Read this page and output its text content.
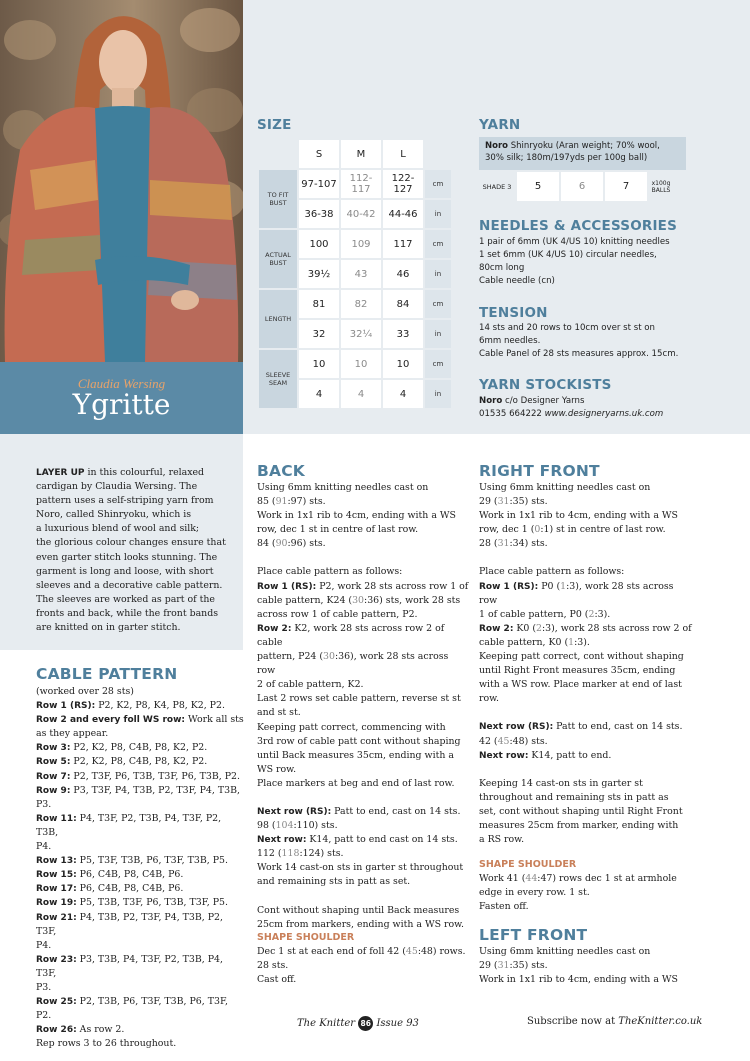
Claudia Wersing
Ygritte
SIZE
	S	M	L	
TO FIT BUST	97-107	112-117	122-127	cm
	36-38	40-42	44-46	in
ACTUAL BUST	100	109	117	cm
	39½	43	46	in
LENGTH	81	82	84	cm
	32	32¼	33	in
SLEEVE SEAM	10	10	10	cm
	4	4	4	in
YARN
Noro Shinryoku (Aran weight; 70% wool, 30% silk; 180m/197yds per 100g ball)
SHADE 3	5	6	7	x100g BALLS
NEEDLES & ACCESSORIES
1 pair of 6mm (UK 4/US 10) knitting needles
1 set 6mm (UK 4/US 10) circular needles,
80cm long
Cable needle (cn)
TENSION
14 sts and 20 rows to 10cm over st st on
6mm needles.
Cable Panel of 28 sts measures approx. 15cm.
YARN STOCKISTS
Noro c/o Designer Yarns
01535 664222 www.designeryarns.uk.com

LAYER UP in this colourful, relaxed

cardigan by Claudia Wersing. The

pattern uses a self-striping yarn from

Noro, called Shinryoku, which is

a luxurious blend of wool and silk;

the glorious colour changes ensure that

even garter stitch looks stunning. The

garment is long and loose, with short

sleeves and a decorative cable pattern.

The sleeves are worked as part of the

fronts and back, while the front bands

are knitted on in garter stitch.

CABLE PATTERN

(worked over 28 sts)

Row 1 (RS): P2, K2, P8, K4, P8, K2, P2.

Row 2 and every foll WS row: Work all sts

as they appear.

Row 3: P2, K2, P8, C4B, P8, K2, P2.

Row 5: P2, K2, P8, C4B, P8, K2, P2.

Row 7: P2, T3F, P6, T3B, T3F, P6, T3B, P2.

Row 9: P3, T3F, P4, T3B, P2, T3F, P4, T3B, P3.

Row 11: P4, T3F, P2, T3B, P4, T3F, P2, T3B,

P4.

Row 13: P5, T3F, T3B, P6, T3F, T3B, P5.

Row 15: P6, C4B, P8, C4B, P6.

Row 17: P6, C4B, P8, C4B, P6.

Row 19: P5, T3B, T3F, P6, T3B, T3F, P5.

Row 21: P4, T3B, P2, T3F, P4, T3B, P2, T3F,

P4.

Row 23: P3, T3B, P4, T3F, P2, T3B, P4, T3F,

P3.

Row 25: P2, T3B, P6, T3F, T3B, P6, T3F, P2.

Row 26: As row 2.

Rep rows 3 to 26 throughout.

BACK

Using 6mm knitting needles cast on

85 (91:97) sts.

Work in 1x1 rib to 4cm, ending with a WS

row, dec 1 st in centre of last row.

84 (90:96) sts.

Place cable pattern as follows:

Row 1 (RS): P2, work 28 sts across row 1 of

cable pattern, K24 (30:36) sts, work 28 sts

across row 1 of cable pattern, P2.

Row 2: K2, work 28 sts across row 2 of cable

pattern, P24 (30:36), work 28 sts across row

2 of cable pattern, K2.

Last 2 rows set cable pattern, reverse st st

and st st.

Keeping patt correct, commencing with

3rd row of cable patt cont without shaping

until Back measures 35cm, ending with a

WS row.

Place markers at beg and end of last row.

Next row (RS): Patt to end, cast on 14 sts.

98 (104:110) sts.

Next row: K14, patt to end cast on 14 sts.

112 (118:124) sts.

Work 14 cast-on sts in garter st throughout

and remaining sts in patt as set.

Cont without shaping until Back measures

25cm from markers, ending with a WS row.

SHAPE SHOULDER

Dec 1 st at each end of foll 42 (45:48) rows.

28 sts.

Cast off.

RIGHT FRONT

Using 6mm knitting needles cast on

29 (31:35) sts.

Work in 1x1 rib to 4cm, ending with a WS

row, dec 1 (0:1) st in centre of last row.

28 (31:34) sts.

Place cable pattern as follows:

Row 1 (RS): P0 (1:3), work 28 sts across row

1 of cable pattern, P0 (2:3).

Row 2: K0 (2:3), work 28 sts across row 2 of

cable pattern, K0 (1:3).

Keeping patt correct, cont without shaping

until Right Front measures 35cm, ending

with a WS row. Place marker at end of last

row.

Next row (RS): Patt to end, cast on 14 sts.

42 (45:48) sts.

Next row: K14, patt to end.

Keeping 14 cast-on sts in garter st

throughout and remaining sts in patt as

set, cont without shaping until Right Front

measures 25cm from marker, ending with

a RS row.

SHAPE SHOULDER

Work 41 (44:47) rows dec 1 st at armhole

edge in every row. 1 st.

Fasten off.

LEFT FRONT

Using 6mm knitting needles cast on

29 (31:35) sts.

Work in 1x1 rib to 4cm, ending with a WS

The Knitter 86 Issue 93	Subscribe now at TheKnitter.co.uk
